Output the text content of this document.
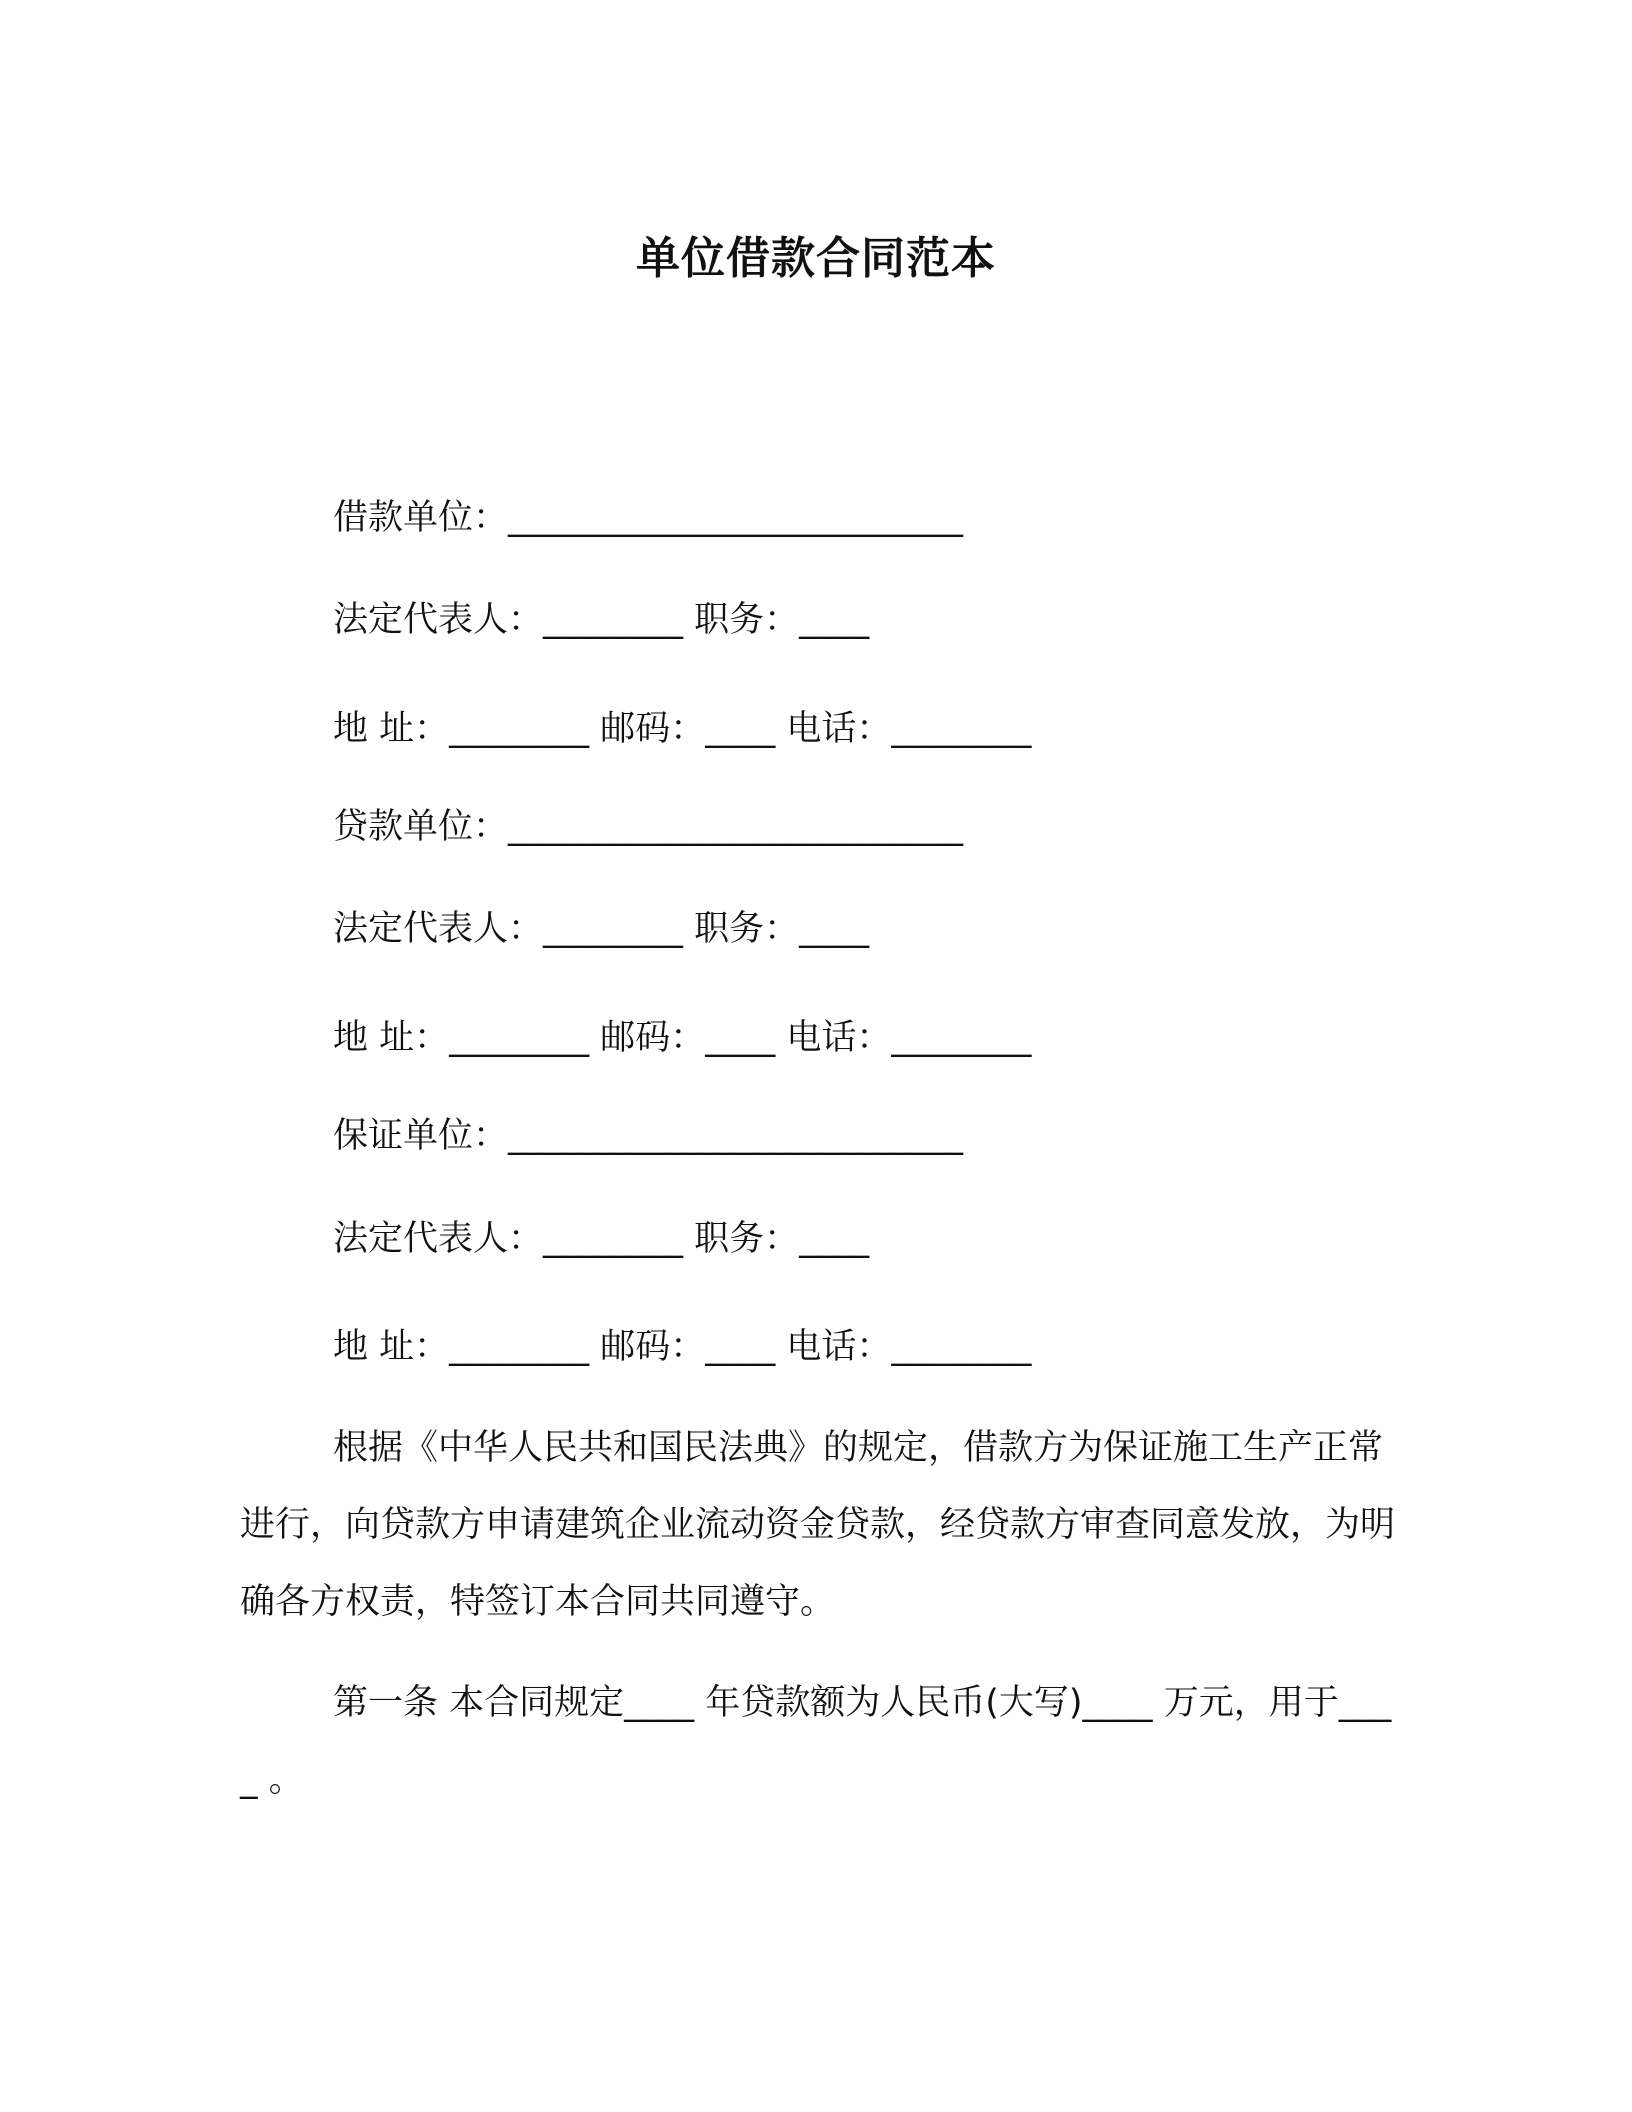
单位借款合同范本
借款单位：__________________________
法定代表人：________ 职务：____
地 址：________ 邮码：____ 电话：________
贷款单位：__________________________
法定代表人：________ 职务：____
地 址：________ 邮码：____ 电话：________
保证单位：__________________________
法定代表人：________ 职务：____
地 址：________ 邮码：____ 电话：________
根据《中华人民共和国民法典》的规定，借款方为保证施工生产正常进行，向贷款方申请建筑企业流动资金贷款，经贷款方审查同意发放，为明确各方权责，特签订本合同共同遵守。
第一条 本合同规定____ 年贷款额为人民币(大写)____ 万元，用于____ 。
